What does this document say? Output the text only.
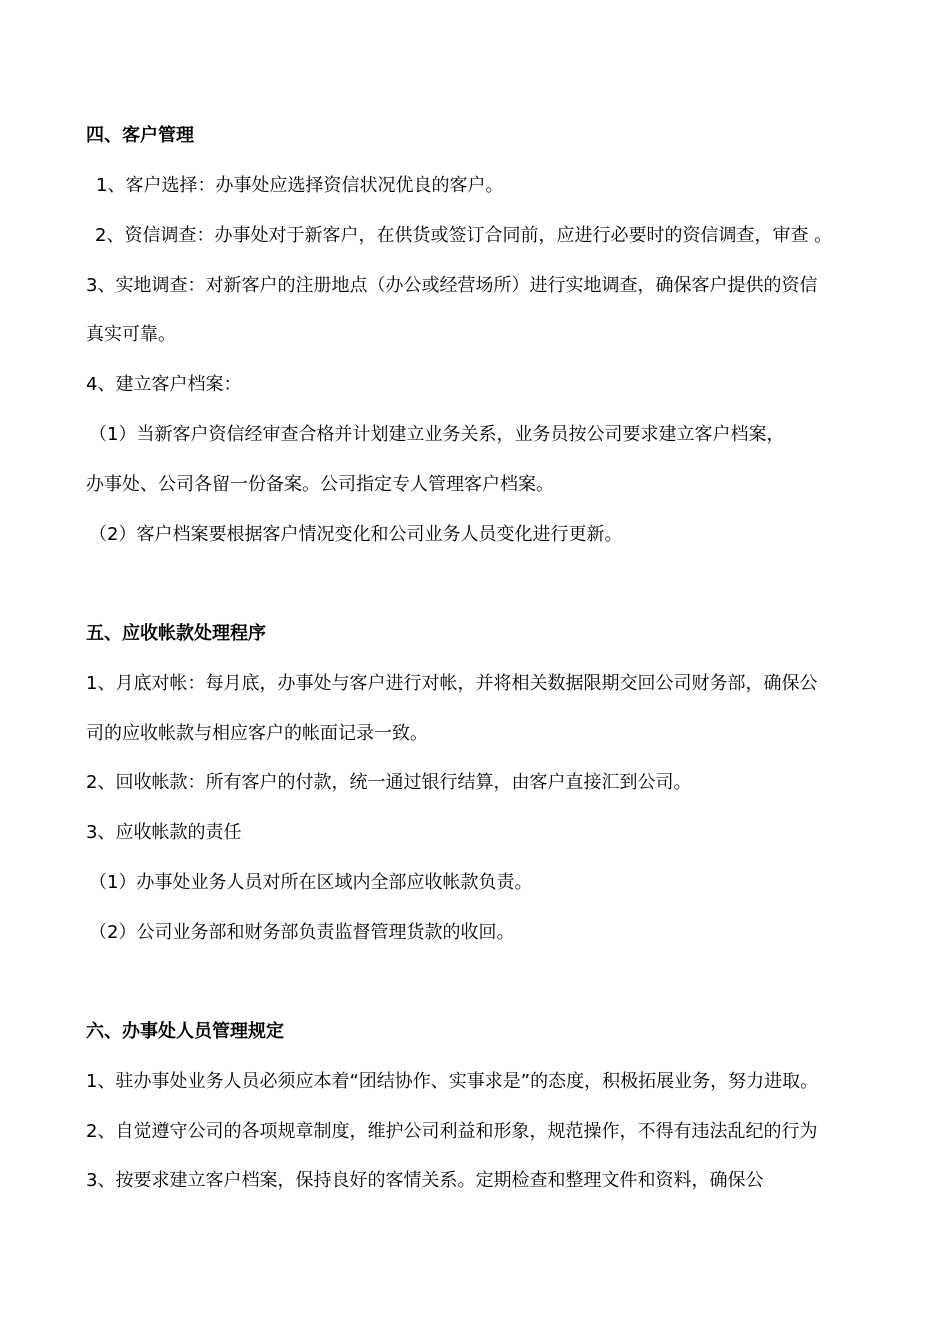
四、客户管理
1、客户选择：办事处应选择资信状况优良的客户。
2、资信调查：办事处对于新客户，在供货或签订合同前，应进行必要时的资信调查，审查 。
3、实地调查：对新客户的注册地点（办公或经营场所）进行实地调查，确保客户提供的资信
真实可靠。
4、建立客户档案：
（1）当新客户资信经审查合格并计划建立业务关系，业务员按公司要求建立客户档案，
办事处、公司各留一份备案。公司指定专人管理客户档案。
（2）客户档案要根据客户情况变化和公司业务人员变化进行更新。
五、应收帐款处理程序
1、月底对帐：每月底，办事处与客户进行对帐，并将相关数据限期交回公司财务部，确保公
司的应收帐款与相应客户的帐面记录一致。
2、回收帐款：所有客户的付款，统一通过银行结算，由客户直接汇到公司。
3、应收帐款的责任
（1）办事处业务人员对所在区域内全部应收帐款负责。
（2）公司业务部和财务部负责监督管理货款的收回。
六、办事处人员管理规定
1、驻办事处业务人员必须应本着“团结协作、实事求是”的态度，积极拓展业务，努力进取。
2、自觉遵守公司的各项规章制度，维护公司利益和形象，规范操作，不得有违法乱纪的行为
3、按要求建立客户档案，保持良好的客情关系。定期检查和整理文件和资料，确保公
